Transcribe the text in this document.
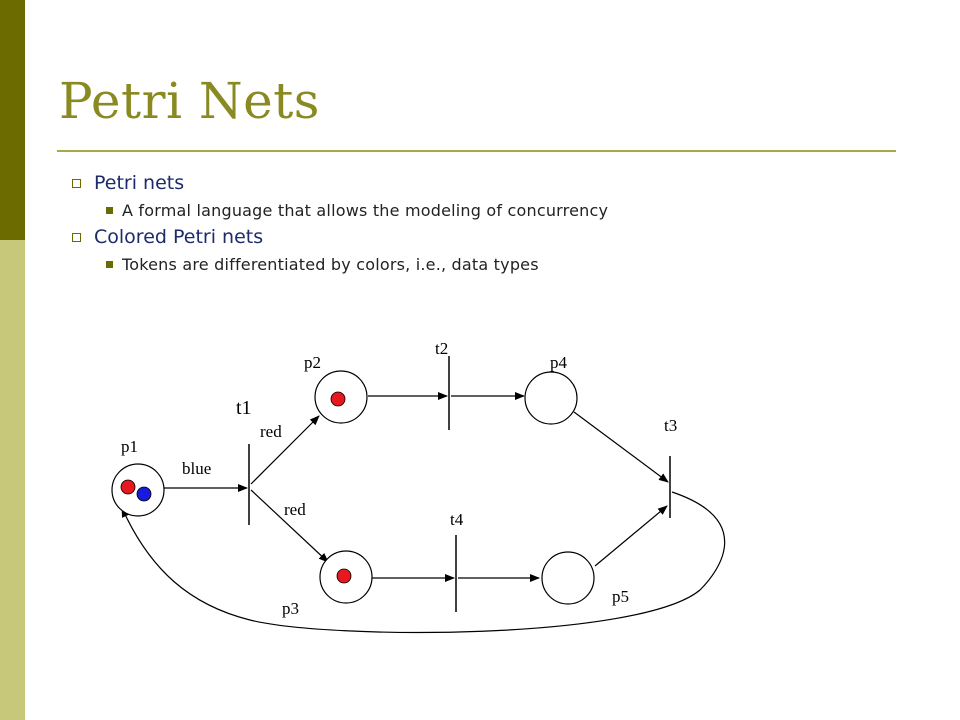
Petri Nets
Petri nets
A formal language that allows the modeling of concurrency
Colored Petri nets
Tokens are differentiated by colors, i.e., data types
p1
p2
p3
p4
p5
t1
t2
t3
t4
blue
red
red
